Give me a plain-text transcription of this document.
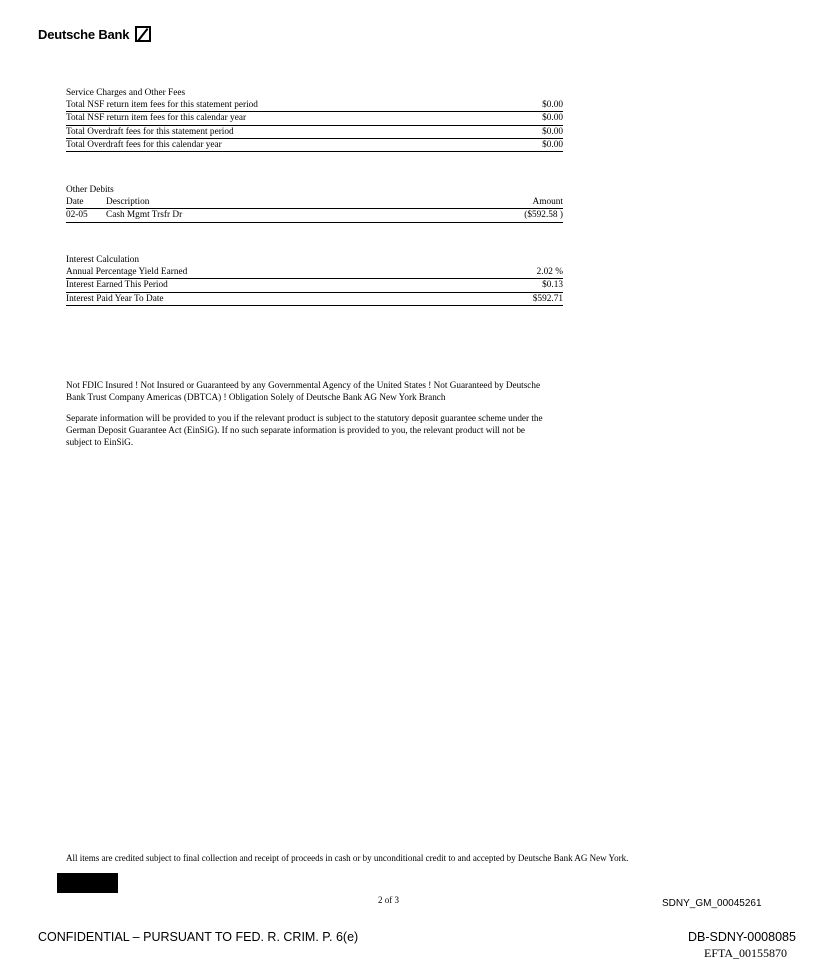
Deutsche Bank
Service Charges and Other Fees
Total NSF return item fees for this statement period	$0.00
Total NSF return item fees for this calendar year	$0.00
Total Overdraft fees for this statement period	$0.00
Total Overdraft fees for this calendar year	$0.00
Other Debits
Date	Description	Amount
02-05	Cash Mgmt Trsfr Dr	($592.58 )
Interest Calculation
Annual Percentage Yield Earned	2.02 %
Interest Earned This Period	$0.13
Interest Paid Year To Date	$592.71

Not FDIC Insured ! Not Insured or Guaranteed by any Governmental Agency of the United States ! Not Guaranteed by Deutsche Bank Trust Company Americas (DBTCA) ! Obligation Solely of Deutsche Bank AG New York Branch

Separate information will be provided to you if the relevant product is subject to the statutory deposit guarantee scheme under the German Deposit Guarantee Act (EinSiG). If no such separate information is provided to you, the relevant product will not be subject to EinSiG.

All items are credited subject to final collection and receipt of proceeds in cash or by unconditional credit to and accepted by Deutsche Bank AG New York.
2 of 3	SDNY_GM_00045261
CONFIDENTIAL – PURSUANT TO FED. R. CRIM. P. 6(e)	DB-SDNY-0008085
EFTA_00155870
